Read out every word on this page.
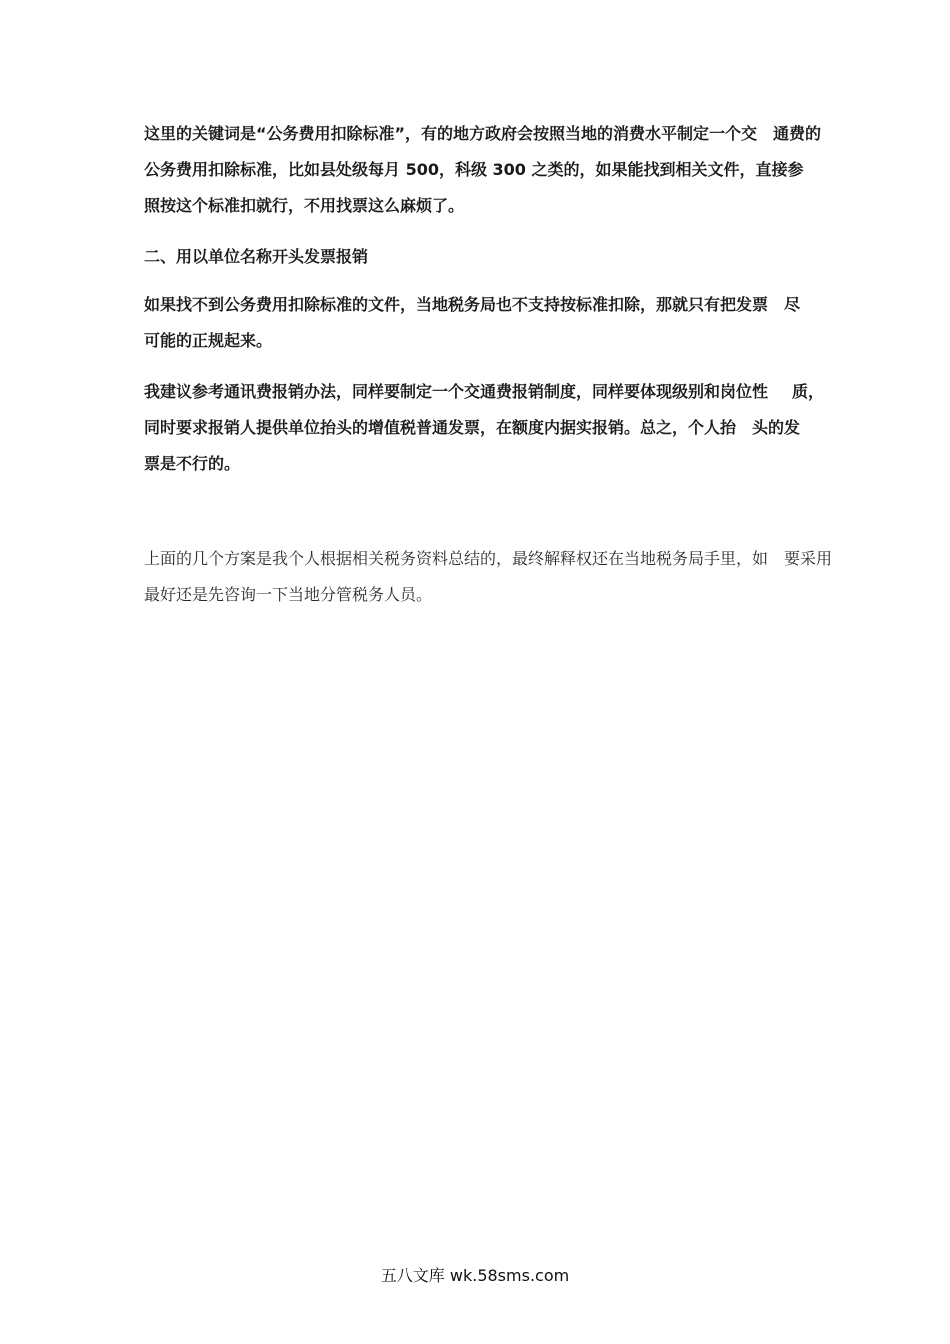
这里的关键词是“公务费用扣除标准”，有的地方政府会按照当地的消费水平制定一个交 通费的
公务费用扣除标准，比如县处级每月 500，科级 300 之类的，如果能找到相关文件，直接参
照按这个标准扣就行，不用找票这么麻烦了。
二、用以单位名称开头发票报销
如果找不到公务费用扣除标准的文件，当地税务局也不支持按标准扣除，那就只有把发票 尽
可能的正规起来。
我建议参考通讯费报销办法，同样要制定一个交通费报销制度，同样要体现级别和岗位性 质，
同时要求报销人提供单位抬头的增值税普通发票，在额度内据实报销。总之，个人抬 头的发
票是不行的。
上面的几个方案是我个人根据相关税务资料总结的，最终解释权还在当地税务局手里，如 要采用
最好还是先咨询一下当地分管税务人员。
五八文库 wk.58sms.com
